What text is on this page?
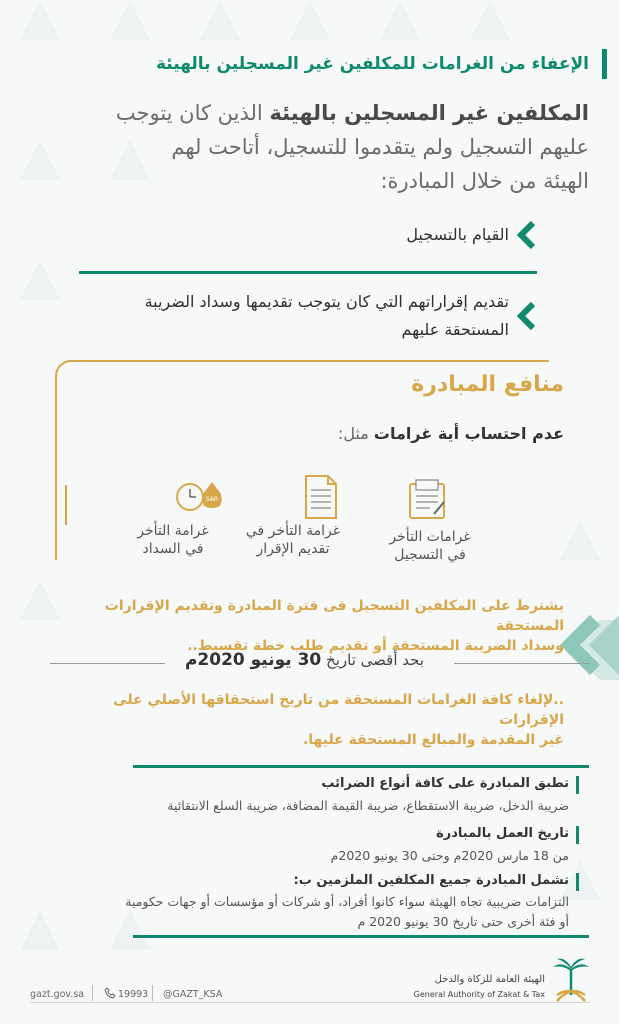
الإعفاء من الغرامات للمكلفين غير المسجلين بالهيئة
المكلفين غير المسجلين بالهيئة الذين كان يتوجب
عليهم التسجيل ولم يتقدموا للتسجيل، أتاحت لهم
الهيئة من خلال المبادرة:
القيام بالتسجيل
تقديم إقراراتهم التي كان يتوجب تقديمها وسداد الضريبة
المستحقة عليهم
منافع المبادرة
عدم احتساب أية غرامات مثل:
غرامات التأخر
في التسجيل
غرامة التأخر في
تقديم الإقرار
SAR
غرامة التأخر
في السداد
يشترط على المكلفين التسجيل فى فترة المبادرة وتقديم الإقرارات المستحقة
وسداد الضريبة المستحقة أو تقديم طلب خطة تقسيط..
بحد أقصى تاريخ 30 يونيو 2020م
..لإلغاء كافة الغرامات المستحقة من تاريخ استحقاقها الأصلي على الإقرارات
غير المقدمة والمبالغ المستحقة عليها.
تطبق المبادرة على كافة أنواع الضرائب
ضريبة الدخل، ضريبة الاستقطاع، ضريبة القيمة المضافة، ضريبة السلع الانتقائية
تاريخ العمل بالمبادرة
من 18 مارس 2020م وحتى 30 يونيو 2020م
تشمل المبادرة جميع المكلفين الملزمين ب:
التزامات ضريبية تجاه الهيئة سواء كانوا أفراد، أو شركات أو مؤسسات أو جهات حكومية
أو فئة أخرى حتى تاريخ 30 يونيو 2020 م
gazt.gov.sa	19993 @GAZT_KSA
الهيئة العامة للزكاة والدخل
General Authority of Zakat & Tax
